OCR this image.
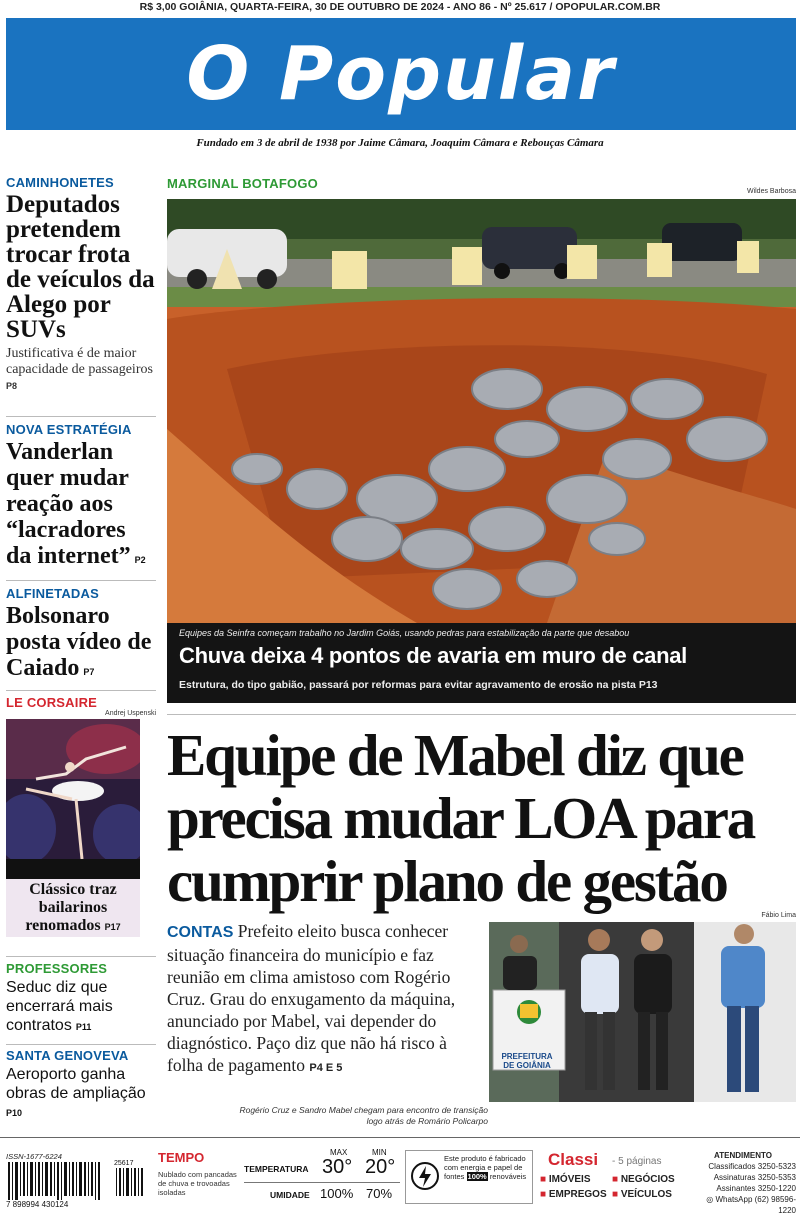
R$ 3,00 GOIÂNIA, QUARTA-FEIRA, 30 DE OUTUBRO DE 2024 - ANO 86 - Nº 25.617 / OPOPULAR.COM.BR
O Popular
Fundado em 3 de abril de 1938 por Jaime Câmara, Joaquim Câmara e Rebouças Câmara
CAMINHONETES
Deputados pretendem trocar frota de veículos da Alego por SUVs
Justificativa é de maior capacidade de passageiros P8
NOVA ESTRATÉGIA
Vanderlan quer mudar reação aos “lacradores da internet” P2
ALFINETADAS
Bolsonaro posta vídeo de Caiado P7
LE CORSAIRE
Andrej Uspenski
Clássico traz bailarinos renomados P17
PROFESSORES
Seduc diz que encerrará mais contratos P11
SANTA GENOVEVA
Aeroporto ganha obras de ampliação P10
MARGINAL BOTAFOGO
Wildes Barbosa
Equipes da Seinfra começam trabalho no Jardim Goiás, usando pedras para estabilização da parte que desabou
Chuva deixa 4 pontos de avaria em muro de canal
Estrutura, do tipo gabião, passará por reformas para evitar agravamento de erosão na pista P13
Equipe de Mabel diz que precisa mudar LOA para cumprir plano de gestão
CONTAS Prefeito eleito busca conhecer situação financeira do município e faz reunião em clima amistoso com Rogério Cruz. Grau do enxugamento da máquina, anunciado por Mabel, vai depender do diagnóstico. Paço diz que não há risco à folha de pagamento P4 E 5
Fábio Lima
PREFEITURA DE GOIÂNIA
Rogério Cruz e Sandro Mabel chegam para encontro de transição logo atrás de Romário Policarpo
ISSN-1677-6224
7 898994 430124
25617 TEMPO
Nublado com pancadas de chuva e trovoadas isoladas
MAX	MIN
TEMPERATURA 30° 20°
UMIDADE 100% 70%
Este produto é fabricado com energia e papel de fontes 100% renováveis
Classi - 5 páginas
■ IMÓVEIS ■ NEGÓCIOS
■ EMPREGOS ■ VEÍCULOS
ATENDIMENTO
Classificados 3250-5323
Assinaturas 3250-5353
Assinantes 3250-1220
◎ WhatsApp (62) 98596-1220
